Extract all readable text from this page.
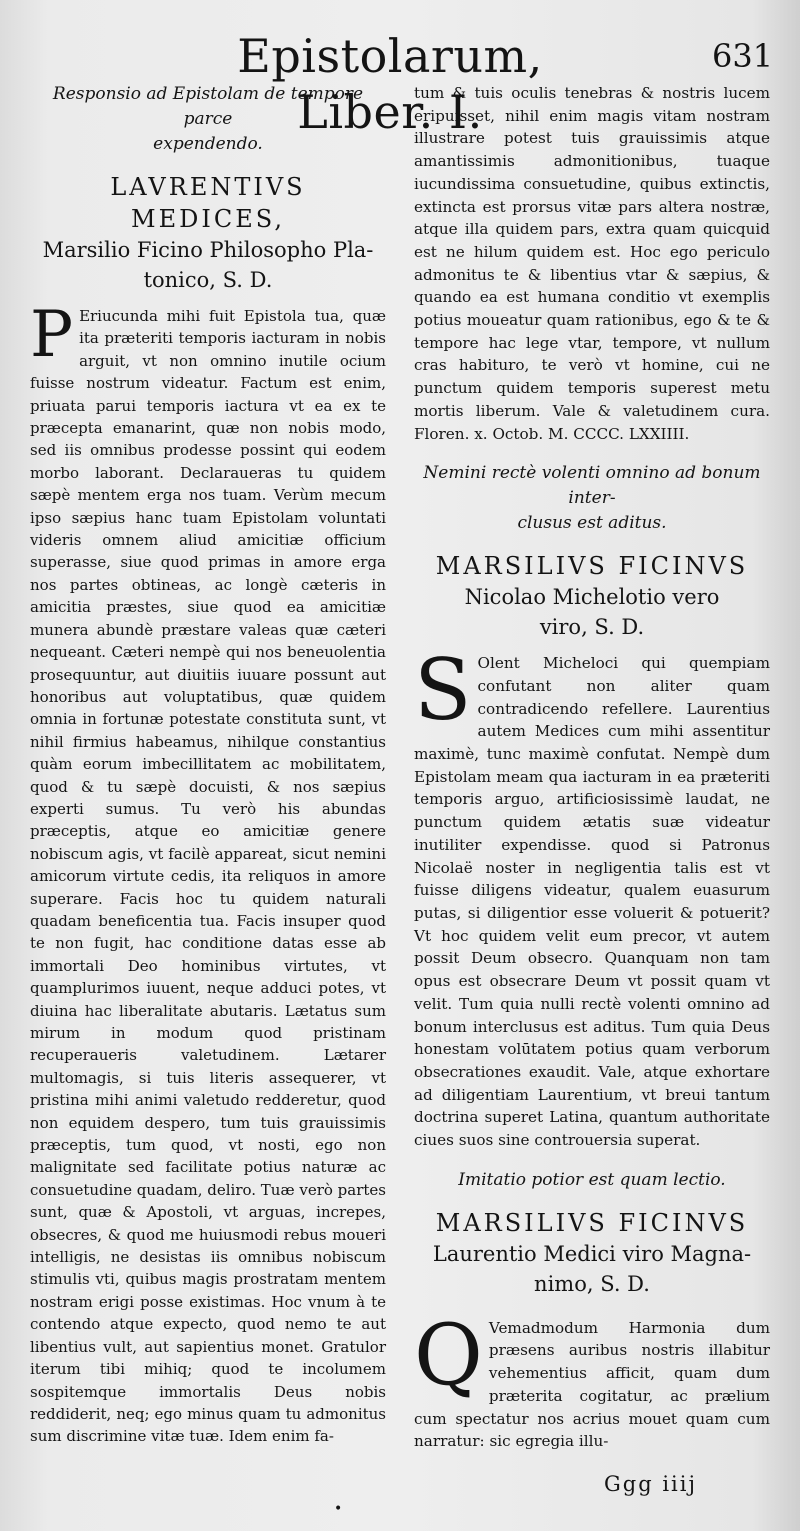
Epistolarum, Liber. I.
631
Responsio ad Epistolam de tempore parce
expendendo.

LAVRENTIVS MEDICES,

Marsilio Ficino Philosopho Pla-

tonico, S. D.

P Eriucunda mihi fuit Epistola tua, quæ ita præteriti temporis iacturam in nobis arguit, vt non omnino inutile ocium fuisse nostrum videatur. Factum est enim, priuata parui temporis iactura vt ea ex te præcepta emanarint, quæ non nobis modo, sed iis omnibus prodesse possint qui eodem morbo laborant. Declaraueras tu quidem sæpè mentem erga nos tuam. Verùm mecum ipso sæpius hanc tuam Epistolam voluntati videris omnem aliud amicitiæ officium superasse, siue quod primas in amore erga nos partes obtineas, ac longè cæteris in amicitia præstes, siue quod ea amicitiæ munera abundè præstare valeas quæ cæteri nequeant. Cæteri nempè qui nos beneuolentia prosequuntur, aut diuitiis iuuare possunt aut honoribus aut voluptatibus, quæ quidem omnia in fortunæ potestate constituta sunt, vt nihil firmius habeamus, nihilque constantius quàm eorum imbecillitatem ac mobilitatem, quod & tu sæpè docuisti, & nos sæpius experti sumus. Tu verò his abundas præceptis, atque eo amicitiæ genere nobiscum agis, vt facilè appareat, sicut nemini amicorum virtute cedis, ita reliquos in amore superare. Facis hoc tu quidem naturali quadam beneficentia tua. Facis insuper quod te non fugit, hac conditione datas esse ab immortali Deo hominibus virtutes, vt quamplurimos iuuent, neque adduci potes, vt diuina hac liberalitate abutaris. Lætatus sum mirum in modum quod pristinam recuperaueris valetudinem. Lætarer multomagis, si tuis literis assequerer, vt pristina mihi animi valetudo redderetur, quod non equidem despero, tum tuis grauissimis præceptis, tum quod, vt nosti, ego non malignitate sed facilitate potius naturæ ac consuetudine quadam, deliro. Tuæ verò partes sunt, quæ & Apostoli, vt arguas, increpes, obsecres, & quod me huiusmodi rebus moueri intelligis, ne desistas iis omnibus nobiscum stimulis vti, quibus magis prostratam mentem nostram erigi posse existimas. Hoc vnum à te contendo atque expecto, quod nemo te aut libentius vult, aut sapientius monet. Gratulor iterum tibi mihiq; quod te incolumem sospitemque immortalis Deus nobis reddiderit, neq; ego minus quam tu admonitus sum discrimine vitæ tuæ. Idem enim fa-

tum & tuis oculis tenebras & nostris lucem eripuisset, nihil enim magis vitam nostram illustrare potest tuis grauissimis atque amantissimis admonitionibus, tuaque iucundissima consuetudine, quibus extinctis, extincta est prorsus vitæ pars altera nostræ, atque illa quidem pars, extra quam quicquid est ne hilum quidem est. Hoc ego periculo admonitus te & libentius vtar & sæpius, & quando ea est humana conditio vt exemplis potius moueatur quam rationibus, ego & te & tempore hac lege vtar, tempore, vt nullum cras habituro, te verò vt homine, cui ne punctum quidem temporis superest metu mortis liberum. Vale & valetudinem cura. Floren. x. Octob. M. CCCC. LXXIIII.

Nemini rectè volenti omnino ad bonum inter-
clusus est aditus.

MARSILIVS FICINVS

Nicolao Michelotio vero

viro, S. D.

S Olent Micheloci qui quempiam confutant non aliter quam contradicendo refellere. Laurentius autem Medices cum mihi assentitur maximè, tunc maximè confutat. Nempè dum Epistolam meam qua iacturam in ea præteriti temporis arguo, artificiosissimè laudat, ne punctum quidem ætatis suæ videatur inutiliter expendisse. quod si Patronus Nicolaë noster in negligentia talis est vt fuisse diligens videatur, qualem euasurum putas, si diligentior esse voluerit & potuerit? Vt hoc quidem velit eum precor, vt autem possit Deum obsecro. Quanquam non tam opus est obsecrare Deum vt possit quam vt velit. Tum quia nulli rectè volenti omnino ad bonum interclusus est aditus. Tum quia Deus honestam volūtatem potius quam verborum obsecrationes exaudit. Vale, atque exhortare ad diligentiam Laurentium, vt breui tantum doctrina superet Latina, quantum authoritate ciues suos sine controuersia superat.

Imitatio potior est quam lectio.

MARSILIVS FICINVS

Laurentio Medici viro Magna-

nimo, S. D.

Q Vemadmodum Harmonia dum præsens auribus nostris illabitur vehementius afficit, quam dum præterita cogitatur, ac prælium cum spectatur nos acrius mouet quam cum narratur: sic egregia illu-

Ggg iiij
•
